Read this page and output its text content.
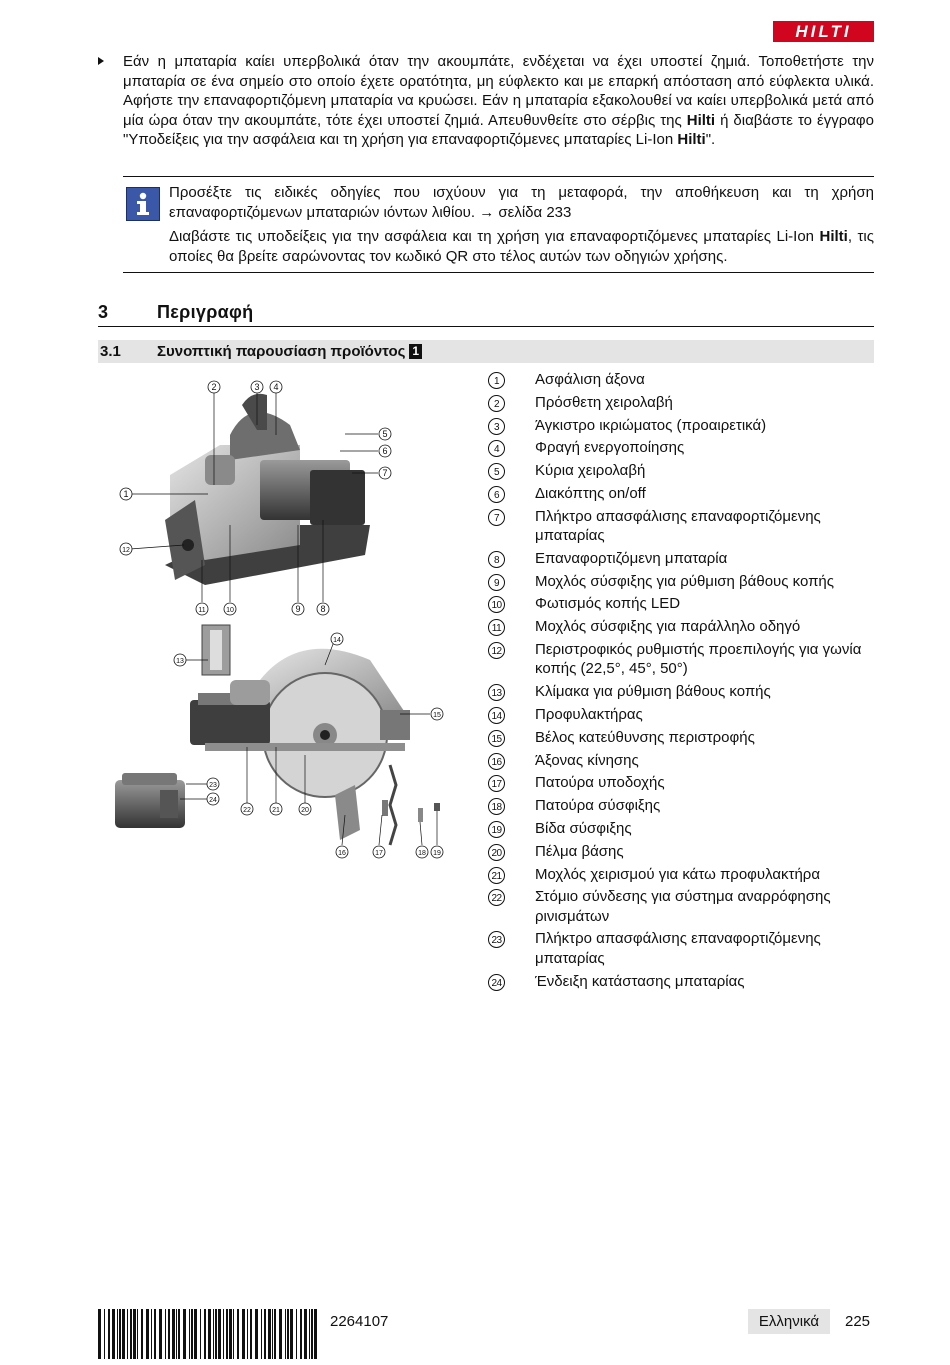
HILTI

Εάν η μπαταρία καίει υπερβολικά όταν την ακουμπάτε, ενδέχεται να έχει υποστεί ζημιά. Τοποθετήστε την μπαταρία σε ένα σημείο στο οποίο έχετε ορατότητα, μη εύφλεκτο και με επαρκή απόσταση από εύφλεκτα υλικά. Αφήστε την επαναφορτιζόμενη μπαταρία να κρυώσει. Εάν η μπαταρία εξακολουθεί να καίει υπερβολικά μετά από μία ώρα όταν την ακουμπάτε, τότε έχει υποστεί ζημιά. Απευθυνθείτε στο σέρβις της Hilti ή διαβάστε το έγγραφο "Υποδείξεις για την ασφάλεια και τη χρήση για επαναφορτιζόμενες μπαταρίες Li-Ion Hilti".

Προσέξτε τις ειδικές οδηγίες που ισχύουν για τη μεταφορά, την αποθήκευση και τη χρήση επαναφορτιζόμενων μπαταριών ιόντων λιθίου. → σελίδα 233

Διαβάστε τις υποδείξεις για την ασφάλεια και τη χρήση για επαναφορτιζόμενες μπαταρίες Li-Ion Hilti, τις οποίες θα βρείτε σαρώνοντας τον κωδικό QR στο τέλος αυτών των οδηγιών χρήσης.

3	Περιγραφή
3.1 Συνοπτική παρουσίαση προϊόντος 1
2	3 4
5
6
7
1
12
11	10	9 8
14
13
15
23
24
22	21	20
16	17	18 19
1	Ασφάλιση άξονα
2	Πρόσθετη χειρολαβή
3	Άγκιστρο ικριώματος (προαιρετικά)
4	Φραγή ενεργοποίησης
5	Κύρια χειρολαβή
6	Διακόπτης on/off
7	Πλήκτρο απασφάλισης επαναφορτιζόμενης μπαταρίας
8	Επαναφορτιζόμενη μπαταρία
9	Μοχλός σύσφιξης για ρύθμιση βάθους κοπής
10	Φωτισμός κοπής LED
11	Μοχλός σύσφιξης για παράλληλο οδηγό
12	Περιστροφικός ρυθμιστής προεπιλογής για γωνία κοπής (22,5°, 45°, 50°)
13	Κλίμακα για ρύθμιση βάθους κοπής
14	Προφυλακτήρας
15	Βέλος κατεύθυνσης περιστροφής
16	Άξονας κίνησης
17	Πατούρα υποδοχής
18	Πατούρα σύσφιξης
19	Βίδα σύσφιξης
20	Πέλμα βάσης
21	Μοχλός χειρισμού για κάτω προφυλακτήρα
22	Στόμιο σύνδεσης για σύστημα αναρρόφησης ρινισμάτων
23	Πλήκτρο απασφάλισης επαναφορτιζόμενης μπαταρίας
24	Ένδειξη κατάστασης μπαταρίας
2264107	Ελληνικά	225
